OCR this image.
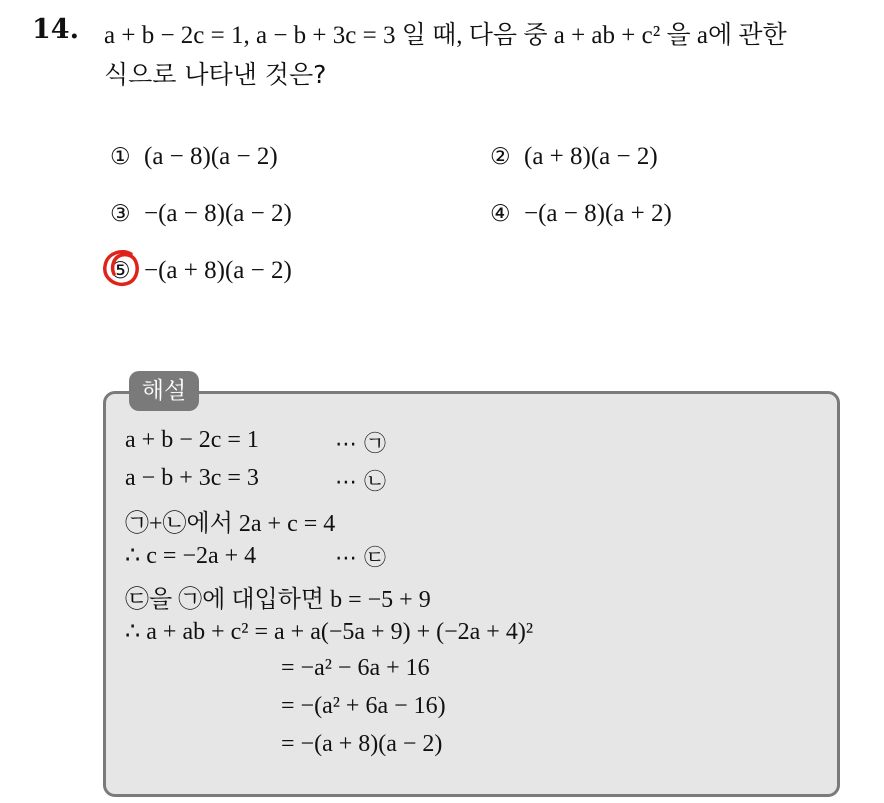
14. a + b − 2c = 1, a − b + 3c = 3 일 때, 다음 중 a + ab + c² 을 a에 관한
식으로 나타낸 것은?
① (a − 8)(a − 2)	② (a + 8)(a − 2)
③ −(a − 8)(a − 2)	④ −(a − 8)(a + 2)
⑤ −(a + 8)(a − 2)
해설
a + b − 2c = 1	⋯ ㉠
a − b + 3c = 3	⋯ ㉡
㉠+㉡에서 2a + c = 4
∴ c = −2a + 4	⋯ ㉢
㉢을 ㉠에 대입하면 b = −5 + 9
∴ a + ab + c² = a + a(−5a + 9) + (−2a + 4)²
= −a² − 6a + 16
= −(a² + 6a − 16)
= −(a + 8)(a − 2)
